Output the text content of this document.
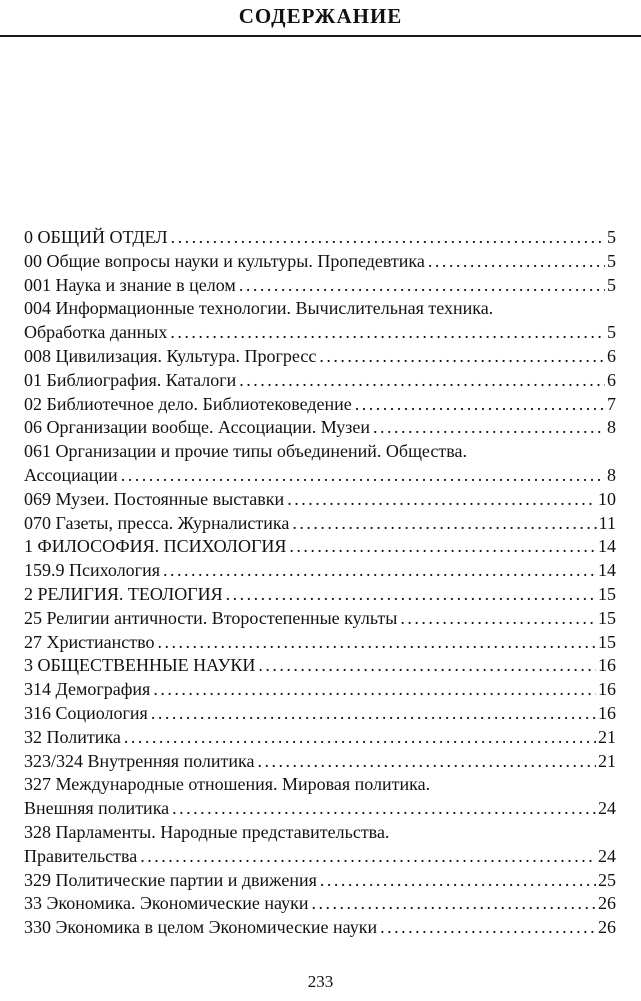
СОДЕРЖАНИЕ
0 ОБЩИЙ ОТДЕЛ .....	5
00 Общие вопросы науки и культуры. Пропедевтика .....	5
001 Наука и знание в целом .....	5
004 Информационные технологии. Вычислительная техника.
Обработка данных .....	5
008 Цивилизация. Культура. Прогресс .....	6
01 Библиография. Каталоги .....	6
02 Библиотечное дело. Библиотековедение .....	7
06 Организации вообще. Ассоциации. Музеи .....	8
061 Организации и прочие типы объединений. Общества.
Ассоциации .....	8
069 Музеи. Постоянные выставки .....	10
070 Газеты, пресса. Журналистика .....	11
1 ФИЛОСОФИЯ. ПСИХОЛОГИЯ .....	14
159.9 Психология .....	14
2 РЕЛИГИЯ. ТЕОЛОГИЯ .....	15
25 Религии античности. Второстепенные культы .....	15
27 Христианство .....	15
3 ОБЩЕСТВЕННЫЕ НАУКИ .....	16
314 Демография .....	16
316 Социология .....	16
32 Политика .....	21
323/324 Внутренняя политика .....	21
327 Международные отношения. Мировая политика.
Внешняя политика .....	24
328 Парламенты. Народные представительства.
Правительства .....	24
329 Политические партии и движения .....	25
33 Экономика. Экономические науки .....	26
330 Экономика в целом Экономические науки .....	26
233
